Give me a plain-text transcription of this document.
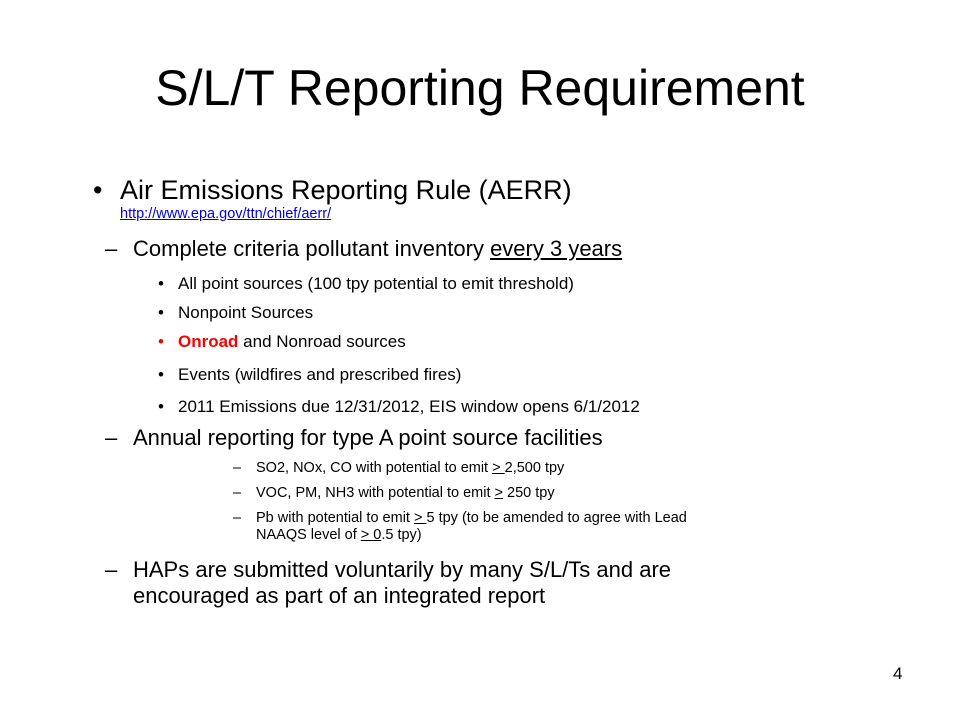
S/L/T Reporting Requirement
• Air Emissions Reporting Rule (AERR)
http://www.epa.gov/ttn/chief/aerr/
– Complete criteria pollutant inventory every 3 years
• All point sources (100 tpy potential to emit threshold)
• Nonpoint Sources
• Onroad and Nonroad sources
• Events (wildfires and prescribed fires)
• 2011 Emissions due 12/31/2012, EIS window opens 6/1/2012
– Annual reporting for type A point source facilities
– SO2, NOx, CO with potential to emit > 2,500 tpy
– VOC, PM, NH3 with potential to emit > 250 tpy
– Pb with potential to emit > 5 tpy (to be amended to agree with Lead
NAAQS level of > 0.5 tpy)
– HAPs are submitted voluntarily by many S/L/Ts and are
encouraged as part of an integrated report
4
